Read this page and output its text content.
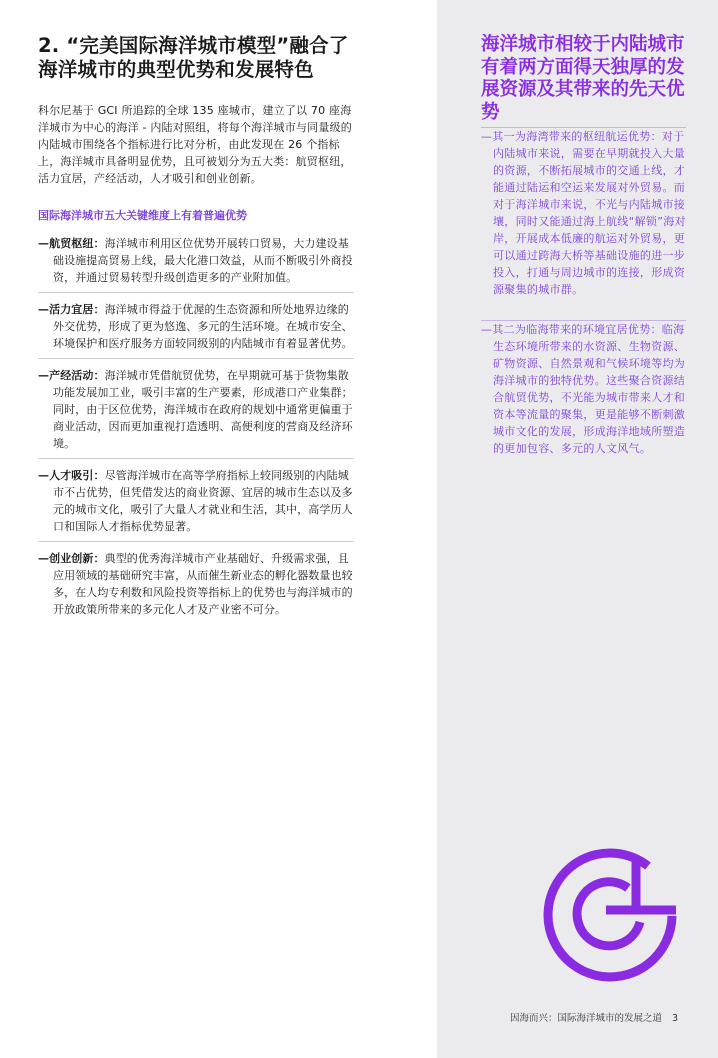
2. “完美国际海洋城市模型”融合了海洋城市的典型优势和发展特色

科尔尼基于 GCI 所追踪的全球 135 座城市，建立了以 70 座海洋城市为中心的海洋 - 内陆对照组，将每个海洋城市与同量级的内陆城市围绕各个指标进行比对分析，由此发现在 26 个指标上，海洋城市具备明显优势，且可被划分为五大类：航贸枢纽，活力宜居，产经活动，人才吸引和创业创新。

国际海洋城市五大关键维度上有着普遍优势

—航贸枢纽：海洋城市利用区位优势开展转口贸易，大力建设基础设施提高贸易上线，最大化港口效益，从而不断吸引外商投资，并通过贸易转型升级创造更多的产业附加值。

—活力宜居：海洋城市得益于优渥的生态资源和所处地界边缘的外交优势，形成了更为悠逸、多元的生活环境。在城市安全、环境保护和医疗服务方面较同级别的内陆城市有着显著优势。

—产经活动：海洋城市凭借航贸优势，在早期就可基于货物集散功能发展加工业，吸引丰富的生产要素，形成港口产业集群；同时，由于区位优势，海洋城市在政府的规划中通常更偏重于商业活动，因而更加重视打造透明、高便利度的营商及经济环境。

—人才吸引：尽管海洋城市在高等学府指标上较同级别的内陆城市不占优势，但凭借发达的商业资源、宜居的城市生态以及多元的城市文化，吸引了大量人才就业和生活，其中，高学历人口和国际人才指标优势显著。

—创业创新：典型的优秀海洋城市产业基础好、升级需求强，且应用领域的基础研究丰富，从而催生新业态的孵化器数量也较多，在人均专利数和风险投资等指标上的优势也与海洋城市的开放政策所带来的多元化人才及产业密不可分。

海洋城市相较于内陆城市有着两方面得天独厚的发展资源及其带来的先天优势

—其一为海湾带来的枢纽航运优势：对于内陆城市来说，需要在早期就投入大量的资源，不断拓展城市的交通上线，才能通过陆运和空运来发展对外贸易。而对于海洋城市来说，不光与内陆城市接壤，同时又能通过海上航线“解锁”海对岸，开展成本低廉的航运对外贸易，更可以通过跨海大桥等基础设施的进一步投入，打通与周边城市的连接，形成资源聚集的城市群。

—其二为临海带来的环境宜居优势：临海生态环境所带来的水资源、生物资源、矿物资源、自然景观和气候环境等均为海洋城市的独特优势。这些聚合资源结合航贸优势，不光能为城市带来人才和资本等流量的聚集，更是能够不断刺激城市文化的发展，形成海洋地域所塑造的更加包容、多元的人文风气。

因海而兴：国际海洋城市的发展之道 3
